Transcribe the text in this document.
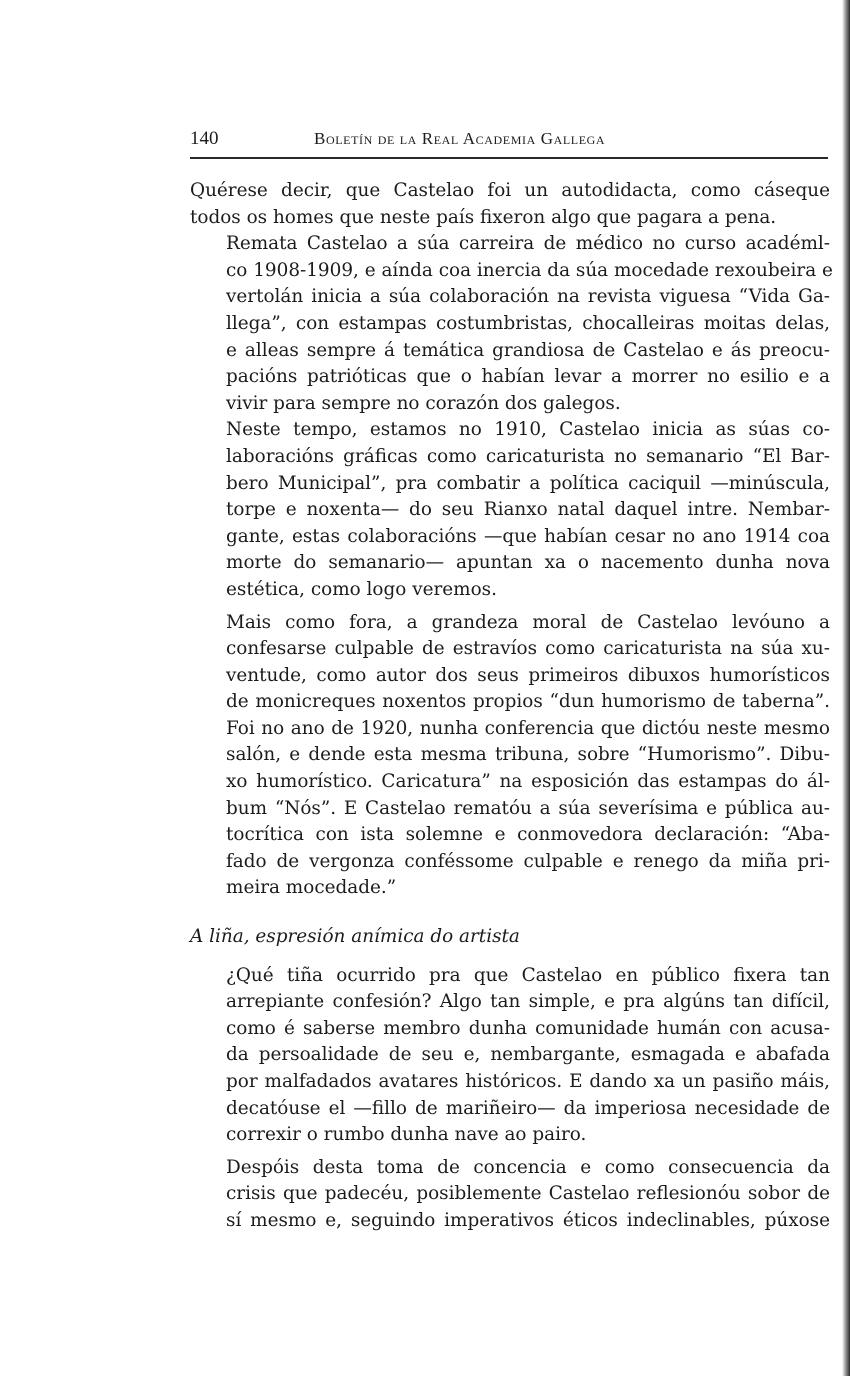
140	Boletín de la Real Academia Gallega

Quérese decir, que Castelao foi un autodidacta, como cáseque
todos os homes que neste país fixeron algo que pagara a pena.

Remata Castelao a súa carreira de médico no curso académl-
co 1908-1909, e aínda coa inercia da súa mocedade rexoubeira e
vertolán inicia a súa colaboración na revista viguesa “Vida Ga-
llega”, con estampas costumbristas, chocalleiras moitas delas,
e alleas sempre á temática grandiosa de Castelao e ás preocu-
pacións patrióticas que o habían levar a morrer no esilio e a
vivir para sempre no corazón dos galegos.

Neste tempo, estamos no 1910, Castelao inicia as súas co-
laboracións gráficas como caricaturista no semanario “El Bar-
bero Municipal”, pra combatir a política caciquil —minúscula,
torpe e noxenta— do seu Rianxo natal daquel intre. Nembar-
gante, estas colaboracións —que habían cesar no ano 1914 coa
morte do semanario— apuntan xa o nacemento dunha nova
estética, como logo veremos.

Mais como fora, a grandeza moral de Castelao levóuno a
confesarse culpable de estravíos como caricaturista na súa xu-
ventude, como autor dos seus primeiros dibuxos humorísticos
de monicreques noxentos propios “dun humorismo de taberna”.
Foi no ano de 1920, nunha conferencia que dictóu neste mesmo
salón, e dende esta mesma tribuna, sobre “Humorismo”. Dibu-
xo humorístico. Caricatura” na esposición das estampas do ál-
bum “Nós”. E Castelao rematóu a súa severísima e pública au-
tocrítica con ista solemne e conmovedora declaración: “Aba-
fado de vergonza conféssome culpable e renego da miña pri-
meira mocedade.”

A liña, espresión anímica do artista

¿Qué tiña ocurrido pra que Castelao en público fixera tan
arrepiante confesión? Algo tan simple, e pra algúns tan difícil,
como é saberse membro dunha comunidade humán con acusa-
da persoalidade de seu e, nembargante, esmagada e abafada
por malfadados avatares históricos. E dando xa un pasiño máis,
decatóuse el —fillo de mariñeiro— da imperiosa necesidade de
correxir o rumbo dunha nave ao pairo.

Despóis desta toma de concencia e como consecuencia da
crisis que padecéu, posiblemente Castelao reflesionóu sobor de
sí mesmo e, seguindo imperativos éticos indeclinables, púxose
